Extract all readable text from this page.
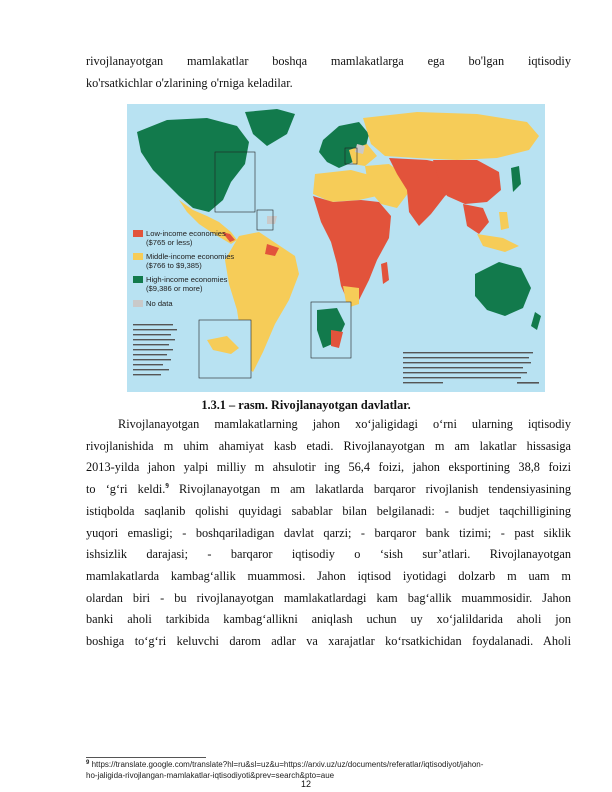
rivojlanayotgan mamlakatlar boshqa mamlakatlarga ega bo'lgan iqtisodiy

ko'rsatkichlar o'zlarining o'rniga keladilar.

Low-income economies
($765 or less)
Middle-income economies
($766 to $9,385)
High-income economies
($9,386 or more)
No data
1.3.1 – rasm. Rivojlanayotgan davlatlar.
Rivojlanayotgan mamlakatlarning jahon xo‘jaligidagi o‘rni ularning iqtisodiy
rivojlanishida m uhim ahamiyat kasb etadi. Rivojlanayotgan m am lakatlar hissasiga
2013-yilda jahon yalpi milliy m ahsulotir ing 56,4 foizi, jahon eksportining 38,8 foizi
to ‘g‘ri keldi.$^9$ Rivojlanayotgan m am lakatlarda barqaror rivojlanish tendensiyasining
istiqbolda saqlanib qolishi quyidagi sabablar bilan belgilanadi: - budjet taqchilligining
yuqori emasligi; - boshqariladigan davlat qarzi; - barqaror bank tizimi; - past siklik
ishsizlik darajasi; - barqaror iqtisodiy o ‘sish sur’atlari. Rivojlanayotgan
mamlakatlarda kambag‘allik muammosi. Jahon iqtisod iyotidagi dolzarb m uam m
olardan biri - bu rivojlanayotgan mamlakatlardagi kam bag‘allik muammosidir. Jahon
banki aholi tarkibida kambag‘allikni aniqlash uchun uy xo‘jalildarida aholi jon
boshiga to‘g‘ri keluvchi darom adlar va xarajatlar ko‘rsatkichidan foydalanadi. Aholi
$^9$ https://translate.google.com/translate?hl=ru&sl=uz&u=https://arxiv.uz/uz/documents/referatlar/iqtisodiyot/jahon-
ho-jaligida-rivojlangan-mamlakatlar-iqtisodiyoti&prev=search&pto=aue
12
